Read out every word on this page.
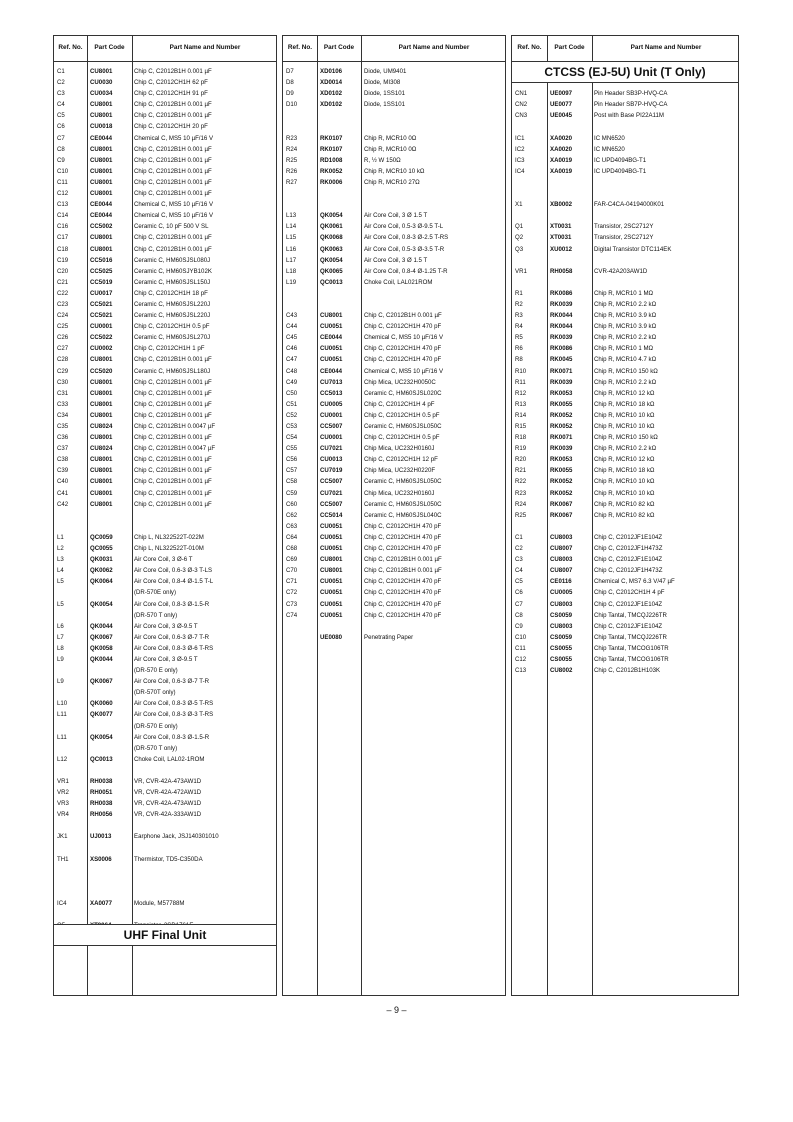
Ref. No.	Part Code	Part Name and Number
C1	CU8001	Chip C, C2012B1H 0.001 µF
C2	CU0030	Chip C, C2012CH1H 62 pF
C3	CU0034	Chip C, C2012CH1H 91 pF
C4	CU8001	Chip C, C2012B1H 0.001 µF
C5	CU8001	Chip C, C2012B1H 0.001 µF
C6	CU0018	Chip C, C2012CH1H 20 pF
C7	CE0044	Chemical C, MS5 10 µF/16 V
C8	CU8001	Chip C, C2012B1H 0.001 µF
C9	CU8001	Chip C, C2012B1H 0.001 µF
C10	CU8001	Chip C, C2012B1H 0.001 µF
C11	CU8001	Chip C, C2012B1H 0.001 µF
C12	CU8001	Chip C, C2012B1H 0.001 µF
C13	CE0044	Chemical C, MS5 10 µF/16 V
C14	CE0044	Chemical C, MS5 10 µF/16 V
C16	CC5002	Ceramic C, 10 pF 500 V SL
C17	CU8001	Chip C, C2012B1H 0.001 µF
C18	CU8001	Chip C, C2012B1H 0.001 µF
C19	CC5016	Ceramic C, HM60SJSL080J
C20	CC5025	Ceramic C, HM60SJYB102K
C21	CC5019	Ceramic C, HM60SJSL150J
C22	CU0017	Chip C, C2012CH1H 18 pF
C23	CC5021	Ceramic C, HM60SJSL220J
C24	CC5021	Ceramic C, HM60SJSL220J
C25	CU0001	Chip C, C2012CH1H 0.5 pF
C26	CC5022	Ceramic C, HM60SJSL270J
C27	CU0002	Chip C, C2012CH1H 1 pF
C28	CU8001	Chip C, C2012B1H 0.001 µF
C29	CC5020	Ceramic C, HM60SJSL180J
C30	CU8001	Chip C, C2012B1H 0.001 µF
C31	CU8001	Chip C, C2012B1H 0.001 µF
C33	CU8001	Chip C, C2012B1H 0.001 µF
C34	CU8001	Chip C, C2012B1H 0.001 µF
C35	CU8024	Chip C, C2012B1H 0.0047 µF
C36	CU8001	Chip C, C2012B1H 0.001 µF
C37	CU8024	Chip C, C2012B1H 0.0047 µF
C38	CU8001	Chip C, C2012B1H 0.001 µF
C39	CU8001	Chip C, C2012B1H 0.001 µF
C40	CU8001	Chip C, C2012B1H 0.001 µF
C41	CU8001	Chip C, C2012B1H 0.001 µF
C42	CU8001	Chip C, C2012B1H 0.001 µF
L1	QC0059	Chip L, NL322522T-022M
L2	QC0055	Chip L, NL322522T-010M
L3	QK0031	Air Core Coil, 3 Ø-6 T
L4	QK0062	Air Core Coil, 0.6-3 Ø-3 T-LS
L5	QK0064	Air Core Coil, 0.8-4 Ø-1.5 T-L
(DR-570E only)
L5	QK0054	Air Core Coil, 0.8-3 Ø-1.5-R
(DR-570 T only)
L6	QK0044	Air Core Coil, 3 Ø-9.5 T
L7	QK0067	Air Core Coil, 0.6-3 Ø-7 T-R
L8	QK0058	Air Core Coil, 0.8-3 Ø-6 T-RS
L9	QK0044	Air Core Coil, 3 Ø-9.5 T
(DR-570 E only)
L9	QK0067	Air Core Coil, 0.6-3 Ø-7 T-R
(DR-570T only)
L10	QK0060	Air Core Coil, 0.8-3 Ø-5 T-RS
L11	QK0077	Air Core Coil, 0.8-3 Ø-3 T-RS
(DR-570 E only)
L11	QK0054	Air Core Coil, 0.8-3 Ø-1.5-R
(DR-570 T only)
L12	QC0013	Choke Coil, LAL02-1ROM
VR1	RH0038	VR, CVR-42A-473AW1D
VR2	RH0051	VR, CVR-42A-472AW1D
VR3	RH0038	VR, CVR-42A-473AW1D
VR4	RH0056	VR, CVR-42A-333AW1D
JK1	UJ0013	Earphone Jack, JSJ140301010
TH1	XS0006	Thermistor, TD5-C350DA
IC4	XA0077	Module, M57788M
UHF Final Unit
Ref. No.	Part Code	Part Name and Number
D7	XD0106	Diode, UM9401
D8	XD0014	Diode, MI308
D9	XD0102	Diode, 1SS101
D10	XD0102	Diode, 1SS101
R23	RK0107	Chip R, MCR10 0Ω
R24	RK0107	Chip R, MCR10 0Ω
R25	RD1008	R, ½ W 150Ω
R26	RK0052	Chip R, MCR10 10 kΩ
R27	RK0006	Chip R, MCR10 27Ω
L13	QK0054	Air Core Coil, 3 Ø 1.5 T
L14	QK0061	Air Core Coil, 0.5-3 Ø-9.5 T-L
L15	QK0068	Air Core Coil, 0.8-3 Ø-2.5 T-RS
L16	QK0063	Air Core Coil, 0.5-3 Ø-3.5 T-R
L17	QK0054	Air Core Coil, 3 Ø 1.5 T
L18	QK0065	Air Core Coil, 0.8-4 Ø-1.25 T-R
L19	QC0013	Choke Coil, LAL021ROM
C43	CU8001	Chip C, C2012B1H 0.001 µF
C44	CU0051	Chip C, C2012CH1H 470 pF
C45	CE0044	Chemical C, MS5 10 µF/16 V
C46	CU0051	Chip C, C2012CH1H 470 pF
C47	CU0051	Chip C, C2012CH1H 470 pF
C48	CE0044	Chemical C, MS5 10 µF/16 V
C49	CU7013	Chip Mica, UC232H0050C
C50	CC5013	Ceramic C, HM60SJSL020C
C51	CU0005	Chip C, C2012CH1H 4 pF
C52	CU0001	Chip C, C2012CH1H 0.5 pF
C53	CC5007	Ceramic C, HM60SJSL050C
C54	CU0001	Chip C, C2012CH1H 0.5 pF
C55	CU7021	Chip Mica, UC232H0160J
C56	CU0013	Chip C, C2012CH1H 12 pF
C57	CU7019	Chip Mica, UC232H0220F
C58	CC5007	Ceramic C, HM60SJSL050C
C59	CU7021	Chip Mica, UC232H0160J
C60	CC5007	Ceramic C, HM60SJSL050C
C62	CC5014	Ceramic C, HM60SJSL040C
C63	CU0051	Chip C, C2012CH1H 470 pF
C64	CU0051	Chip C, C2012CH1H 470 pF
C68	CU0051	Chip C, C2012CH1H 470 pF
C69	CU8001	Chip C, C2012B1H 0.001 µF
C70	CU8001	Chip C, C2012B1H 0.001 µF
C71	CU0051	Chip C, C2012CH1H 470 pF
C72	CU0051	Chip C, C2012CH1H 470 pF
C73	CU0051	Chip C, C2012CH1H 470 pF
C74	CU0051	Chip C, C2012CH1H 470 pF
UE0080	Penetrating Paper
Ref. No.	Part Code	Part Name and Number
CN1	UE0097	Pin Header SB3P-HVQ-CA
CN2	UE0077	Pin Header SB7P-HVQ-CA
CN3	UE0045	Post with Base PI22A11M
IC1	XA0020	IC MN6520
IC2	XA0020	IC MN6520
IC3	XA0019	IC UPD4094BG-T1
IC4	XA0019	IC UPD4094BG-T1
X1	XB0002	FAR-C4CA-04194000K01
Q1	XT0031	Transistor, 2SC2712Y
Q2	XT0031	Transistor, 2SC2712Y
Q3	XU0012	Digital Transistor DTC114EK
VR1	RH0058	CVR-42A203AW1D
R1	RK0086	Chip R, MCR10 1 MΩ
R2	RK0039	Chip R, MCR10 2.2 kΩ
R3	RK0044	Chip R, MCR10 3.9 kΩ
R4	RK0044	Chip R, MCR10 3.9 kΩ
R5	RK0039	Chip R, MCR10 2.2 kΩ
R6	RK0086	Chip R, MCR10 1 MΩ
R8	RK0045	Chip R, MCR10 4.7 kΩ
R10	RK0071	Chip R, MCR10 150 kΩ
R11	RK0039	Chip R, MCR10 2.2 kΩ
R12	RK0053	Chip R, MCR10 12 kΩ
R13	RK0055	Chip R, MCR10 18 kΩ
R14	RK0052	Chip R, MCR10 10 kΩ
R15	RK0052	Chip R, MCR10 10 kΩ
R18	RK0071	Chip R, MCR10 150 kΩ
R19	RK0039	Chip R, MCR10 2.2 kΩ
R20	RK0053	Chip R, MCR10 12 kΩ
R21	RK0055	Chip R, MCR10 18 kΩ
R22	RK0052	Chip R, MCR10 10 kΩ
R23	RK0052	Chip R, MCR10 10 kΩ
R24	RK0067	Chip R, MCR10 82 kΩ
R25	RK0067	Chip R, MCR10 82 kΩ
C1	CU8003	Chip C, C2012JF1E104Z
C2	CU8007	Chip C, C2012JF1H473Z
C3	CU8003	Chip C, C2012JF1E104Z
C4	CU8007	Chip C, C2012JF1H473Z
C5	CE0116	Chemical C, MS7 6.3 V/47 µF
C6	CU0005	Chip C, C2012CH1H 4 pF
C7	CU8003	Chip C, C2012JF1E104Z
C8	CS0059	Chip Tantal, TMCQJ226TR
C9	CU8003	Chip C, C2012JF1E104Z
C10	CS0059	Chip Tantal, TMCQJ226TR
C11	CS0055	Chip Tantal, TMCOG106TR
C12	CS0055	Chip Tantal, TMCOG106TR
C13	CU8002	Chip C, C2012B1H103K
CTCSS (EJ-5U) Unit (T Only)
– 9 –
